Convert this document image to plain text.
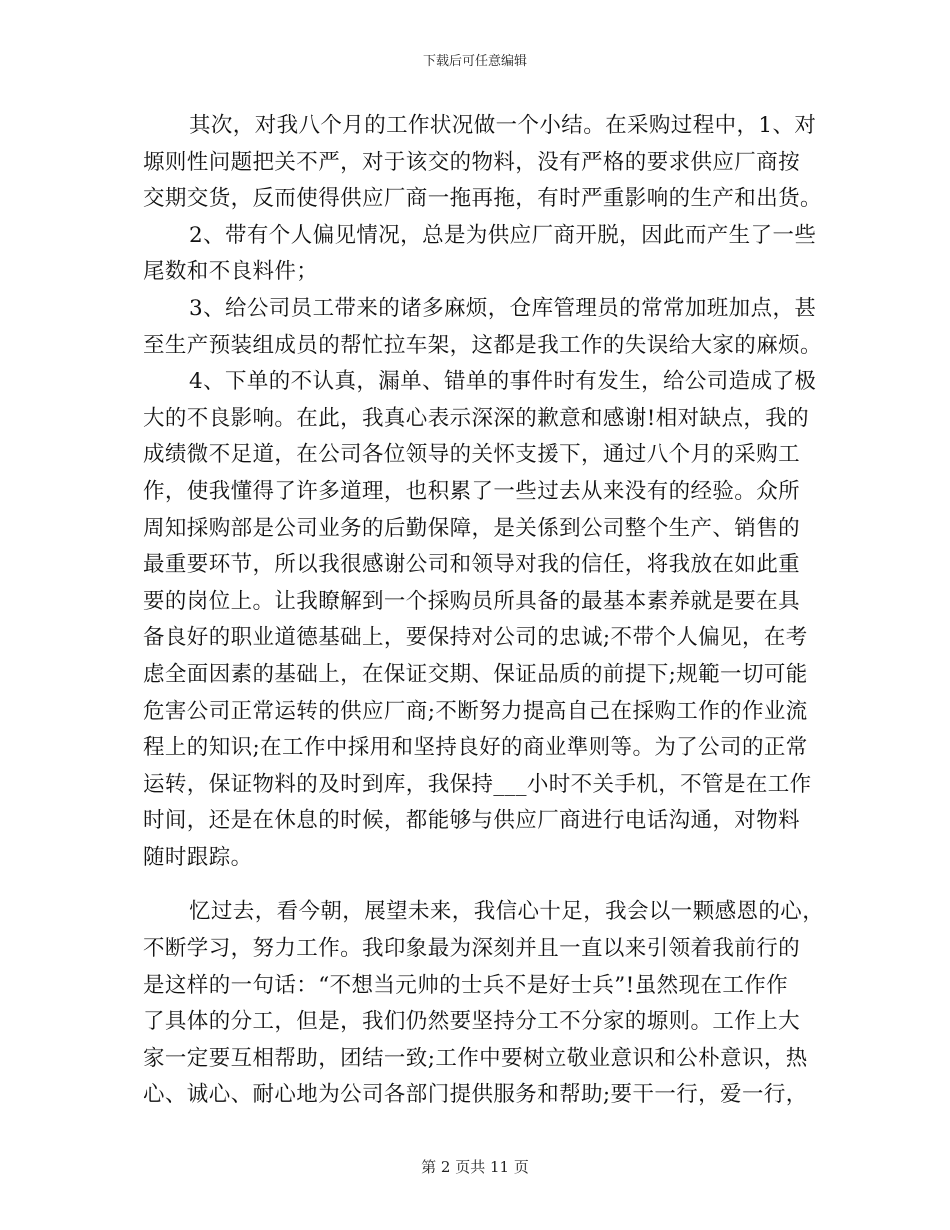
下载后可任意编辑

其次，对我八个月的工作状况做一个小结。在采购过程中，1、对
塬则性问题把关不严，对于该交的物料，没有严格的要求供应厂商按
交期交货，反而使得供应厂商一拖再拖，有时严重影响的生产和出货。

2、带有个人偏见情况，总是为供应厂商开脱，因此而产生了一些
尾数和不良料件；

3、给公司员工带来的诸多麻烦，仓库管理员的常常加班加点，甚
至生产预装组成员的帮忙拉车架，这都是我工作的失误给大家的麻烦。

4、下单的不认真，漏单、错单的事件时有发生，给公司造成了极
大的不良影响。在此，我真心表示深深的歉意和感谢!相对缺点，我的
成绩微不足道，在公司各位领导的关怀支援下，通过八个月的采购工
作，使我懂得了许多道理，也积累了一些过去从来没有的经验。众所
周知採购部是公司业务的后勤保障，是关係到公司整个生产、销售的
最重要环节，所以我很感谢公司和领导对我的信任，将我放在如此重
要的岗位上。让我瞭解到一个採购员所具备的最基本素养就是要在具
备良好的职业道德基础上，要保持对公司的忠诚;不带个人偏见，在考
虑全面因素的基础上，在保证交期、保证品质的前提下;规範一切可能
危害公司正常运转的供应厂商;不断努力提高自己在採购工作的作业流
程上的知识;在工作中採用和坚持良好的商业準则等。为了公司的正常
运转，保证物料的及时到库，我保持___小时不关手机，不管是在工作
时间，还是在休息的时候，都能够与供应厂商进行电话沟通，对物料
随时跟踪。

忆过去，看今朝，展望未来，我信心十足，我会以一颗感恩的心，
不断学习，努力工作。我印象最为深刻并且一直以来引领着我前行的
是这样的一句话：“不想当元帅的士兵不是好士兵”!虽然现在工作作
了具体的分工，但是，我们仍然要坚持分工不分家的塬则。工作上大
家一定要互相帮助，团结一致;工作中要树立敬业意识和公朴意识，热
心、诚心、耐心地为公司各部门提供服务和帮助;要干一行，爱一行，

第 2 页共 11 页
